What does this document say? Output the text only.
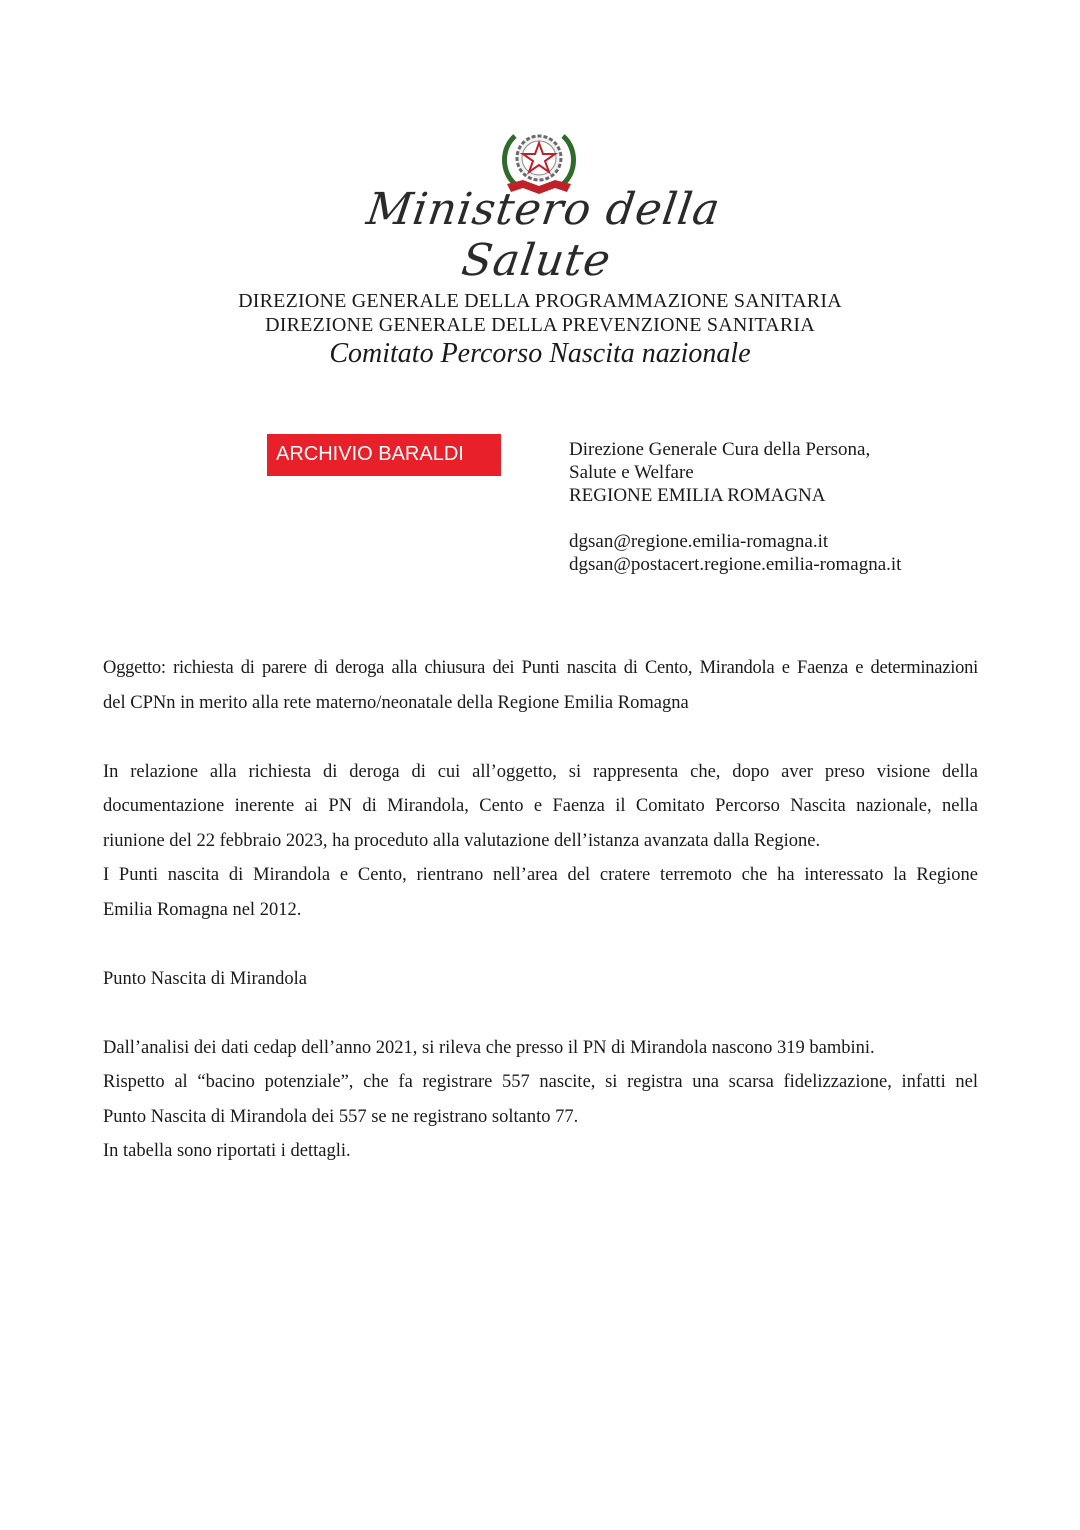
Ministero della Salute
DIREZIONE GENERALE DELLA PROGRAMMAZIONE SANITARIA
DIREZIONE GENERALE DELLA PREVENZIONE SANITARIA
Comitato Percorso Nascita nazionale
ARCHIVIO BARALDI	Direzione Generale Cura della Persona,
Salute e Welfare
REGIONE EMILIA ROMAGNA
dgsan@regione.emilia-romagna.it
dgsan@postacert.regione.emilia-romagna.it
Oggetto: richiesta di parere di deroga alla chiusura dei Punti nascita di Cento, Mirandola e Faenza e determinazioni
del CPNn in merito alla rete materno/neonatale della Regione Emilia Romagna
In relazione alla richiesta di deroga di cui all’oggetto, si rappresenta che, dopo aver preso visione della
documentazione inerente ai PN di Mirandola, Cento e Faenza il Comitato Percorso Nascita nazionale, nella
riunione del 22 febbraio 2023, ha proceduto alla valutazione dell’istanza avanzata dalla Regione.
I Punti nascita di Mirandola e Cento, rientrano nell’area del cratere terremoto che ha interessato la Regione
Emilia Romagna nel 2012.
Punto Nascita di Mirandola
Dall’analisi dei dati cedap dell’anno 2021, si rileva che presso il PN di Mirandola nascono 319 bambini.
Rispetto al “bacino potenziale”, che fa registrare 557 nascite, si registra una scarsa fidelizzazione, infatti nel
Punto Nascita di Mirandola dei 557 se ne registrano soltanto 77.
In tabella sono riportati i dettagli.
